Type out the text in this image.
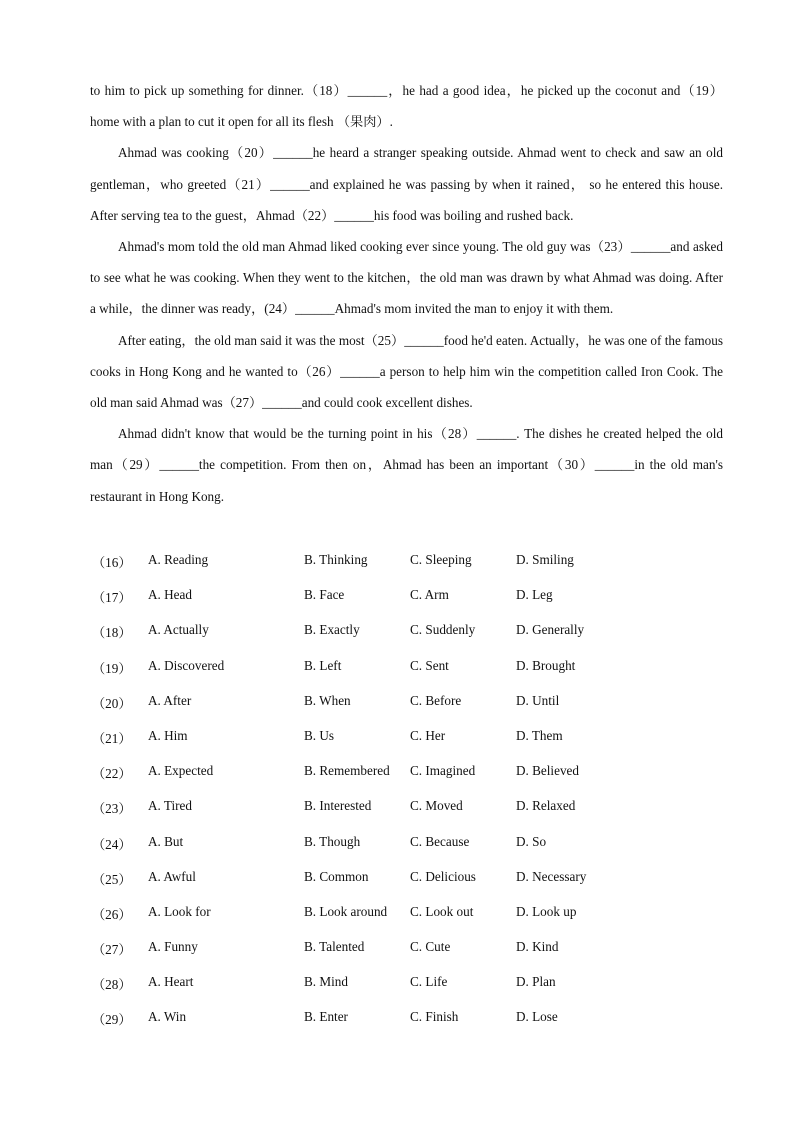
to him to pick up something for dinner.（18）______，he had a good idea，he picked up the coconut and（19）home with a plan to cut it open for all its flesh （果肉）.

Ahmad was cooking（20）______he heard a stranger speaking outside. Ahmad went to check and saw an old gentleman，who greeted（21）______and explained he was passing by when it rained， so he entered this house. After serving tea to the guest，Ahmad（22）______his food was boiling and rushed back.

Ahmad's mom told the old man Ahmad liked cooking ever since young. The old guy was（23）______and asked to see what he was cooking. When they went to the kitchen，the old man was drawn by what Ahmad was doing. After a while，the dinner was ready，(24）______Ahmad's mom invited the man to enjoy it with them.

After eating，the old man said it was the most（25）______food he'd eaten. Actually，he was one of the famous cooks in Hong Kong and he wanted to（26）______a person to help him win the competition called Iron Cook. The old man said Ahmad was（27）______and could cook excellent dishes.

Ahmad didn't know that would be the turning point in his（28）______. The dishes he created helped the old man（29）______the competition. From then on，Ahmad has been an important（30）______in the old man's restaurant in Hong Kong.

（16） A. Reading	B. Thinking	C. Sleeping	D. Smiling
（17） A. Head	B. Face	C. Arm	D. Leg
（18） A. Actually	B. Exactly	C. Suddenly	D. Generally
（19） A. Discovered	B. Left	C. Sent	D. Brought
（20） A. After	B. When	C. Before	D. Until
（21） A. Him	B. Us	C. Her	D. Them
（22） A. Expected	B. Remembered C. Imagined	D. Believed
（23） A. Tired	B. Interested	C. Moved	D. Relaxed
（24） A. But	B. Though	C. Because	D. So
（25） A. Awful	B. Common	C. Delicious	D. Necessary
（26） A. Look for	B. Look around C. Look out	D. Look up
（27） A. Funny	B. Talented	C. Cute	D. Kind
（28） A. Heart	B. Mind	C. Life	D. Plan
（29） A. Win	B. Enter	C. Finish	D. Lose
